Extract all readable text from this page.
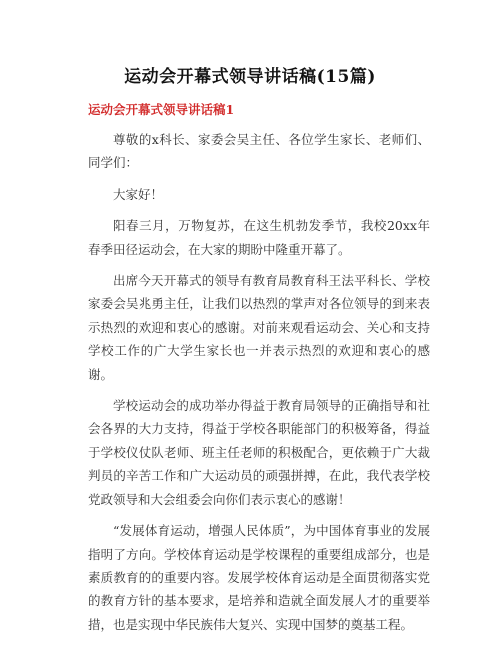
运动会开幕式领导讲话稿(15篇)
运动会开幕式领导讲话稿1

尊敬的x科长、家委会吴主任、各位学生家长、老师们、同学们：

大家好！

阳春三月，万物复苏，在这生机勃发季节，我校20xx年春季田径运动会，在大家的期盼中隆重开幕了。

出席今天开幕式的领导有教育局教育科王法平科长、学校家委会吴兆勇主任，让我们以热烈的掌声对各位领导的到来表示热烈的欢迎和衷心的感谢。对前来观看运动会、关心和支持学校工作的广大学生家长也一并表示热烈的欢迎和衷心的感谢。

学校运动会的成功举办得益于教育局领导的正确指导和社会各界的大力支持，得益于学校各职能部门的积极筹备，得益于学校仪仗队老师、班主任老师的积极配合，更依赖于广大裁判员的辛苦工作和广大运动员的顽强拼搏，在此，我代表学校党政领导和大会组委会向你们表示衷心的感谢！

“发展体育运动，增强人民体质”，为中国体育事业的发展指明了方向。学校体育运动是学校课程的重要组成部分，也是素质教育的的重要内容。发展学校体育运动是全面贯彻落实党的教育方针的基本要求，是培养和造就全面发展人才的重要举措，也是实现中华民族伟大复兴、实现中国梦的奠基工程。
